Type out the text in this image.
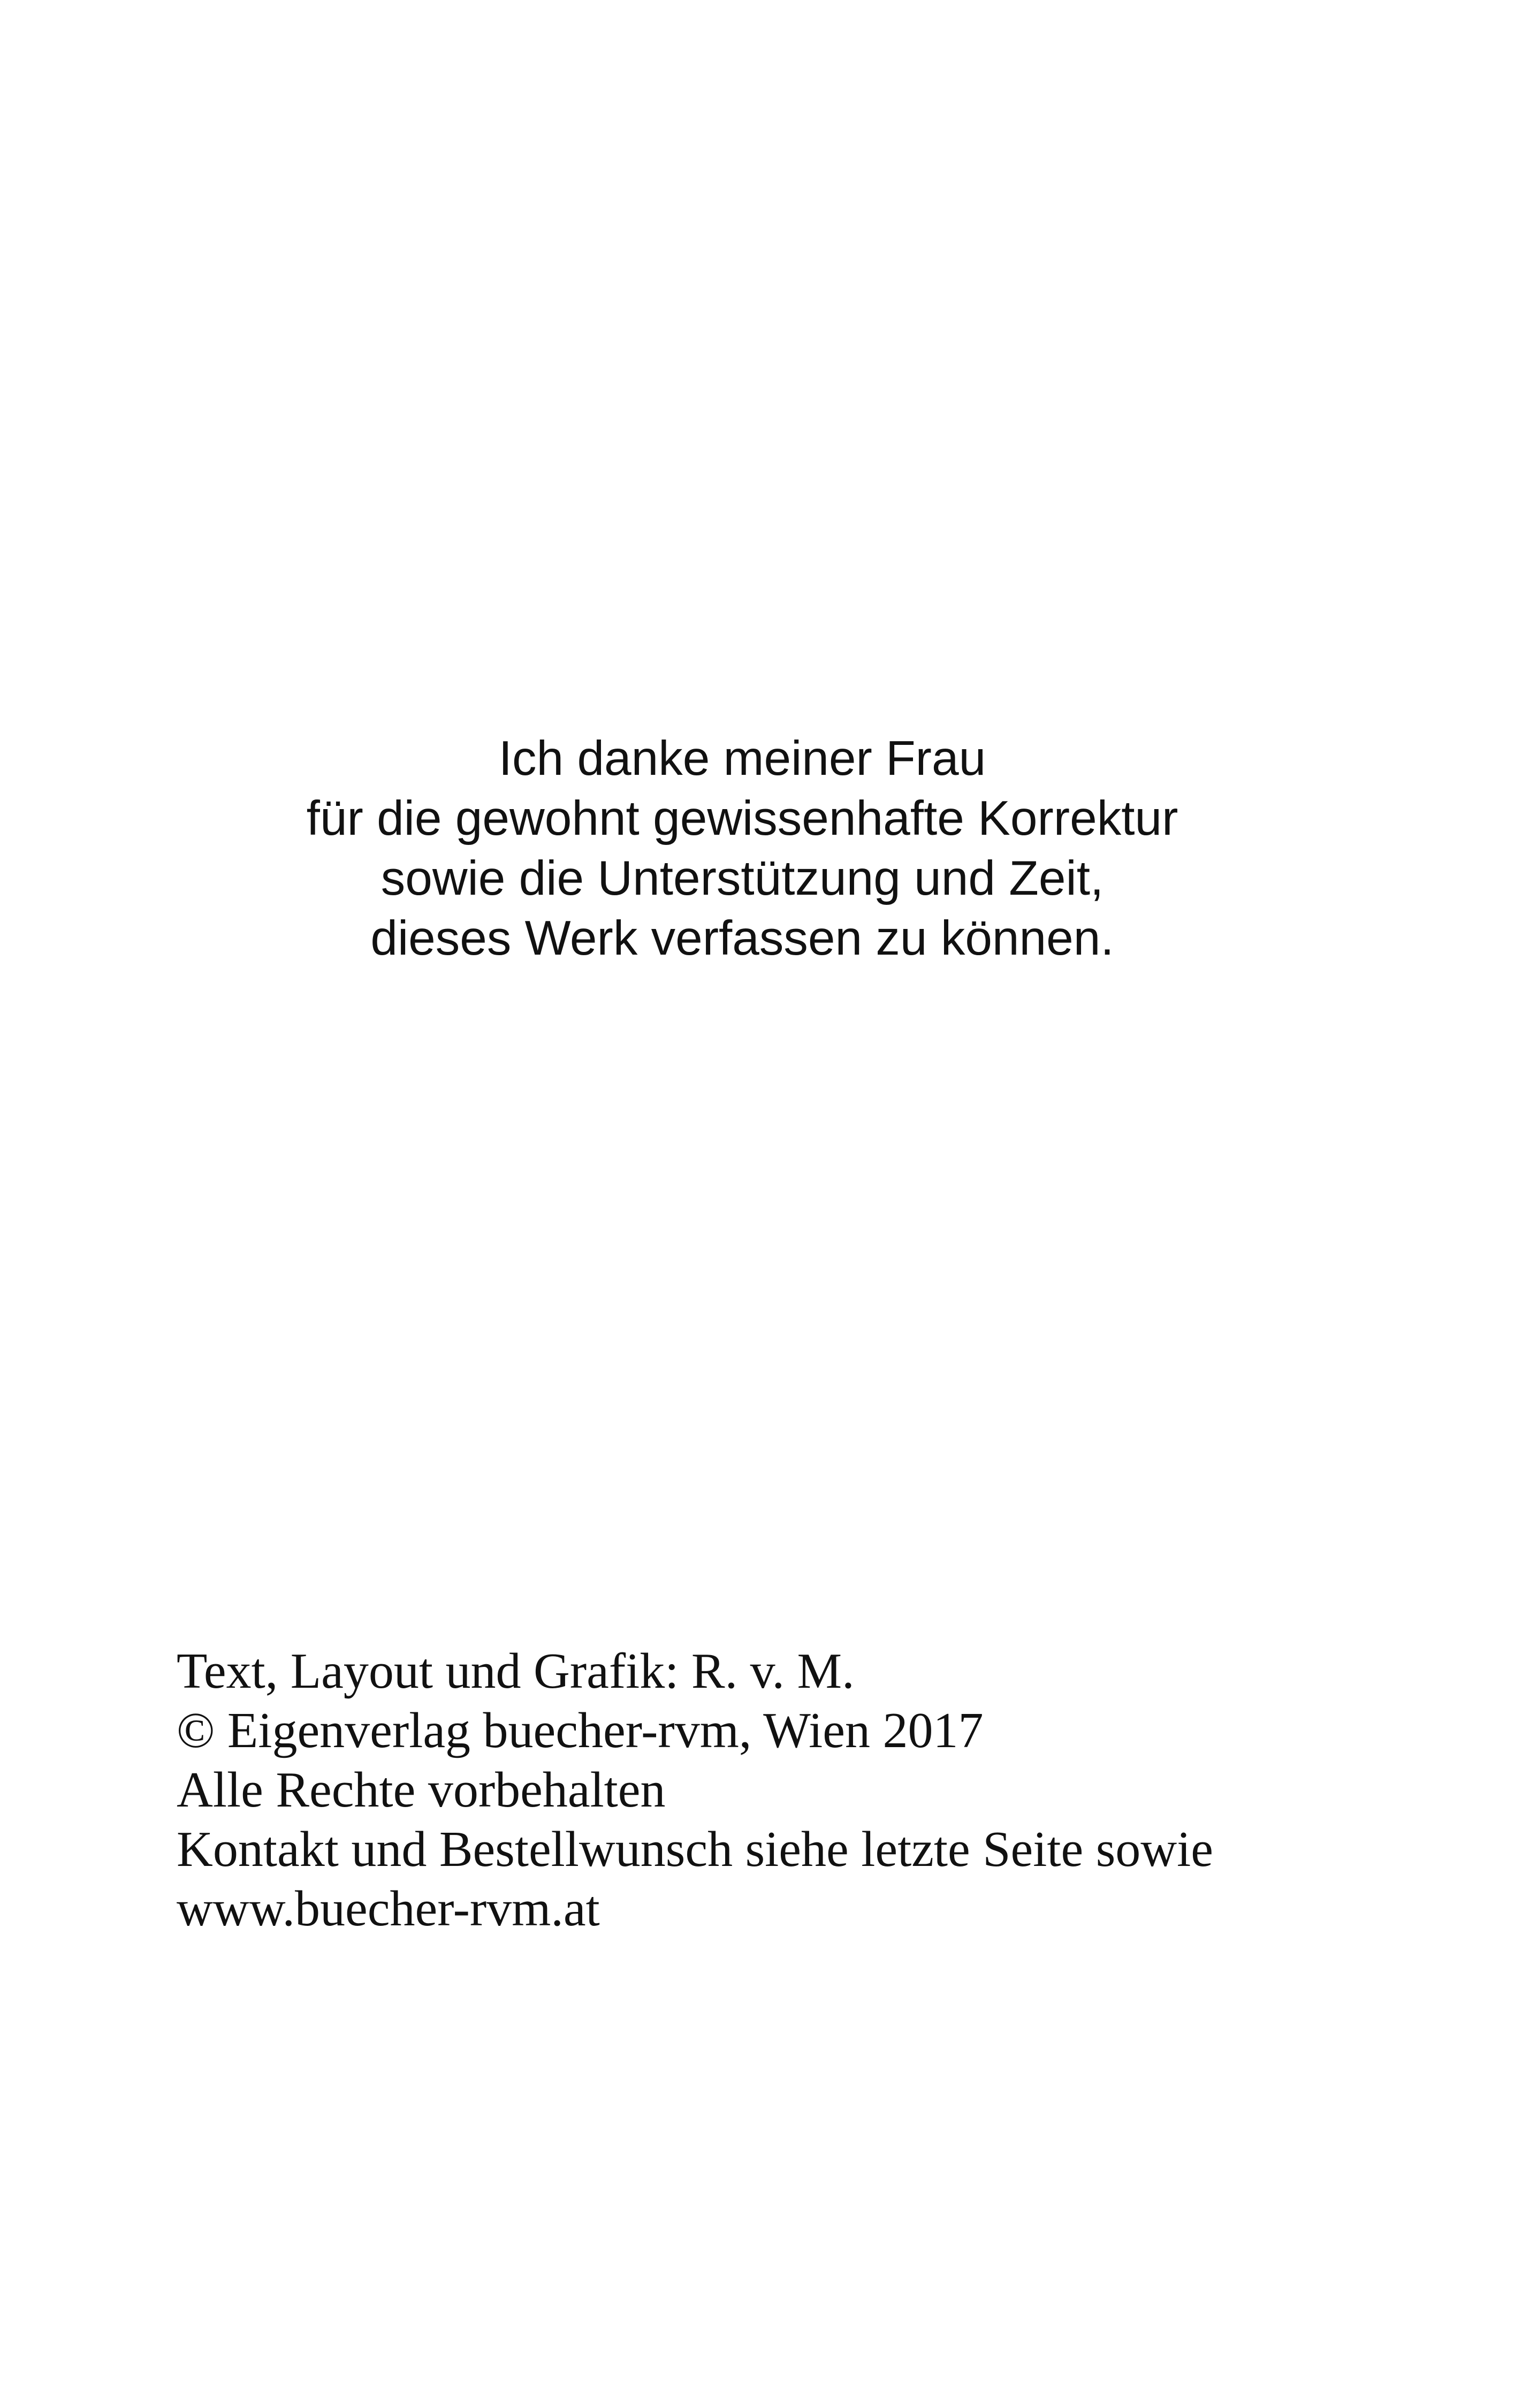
Ich danke meiner Frau
für die gewohnt gewissenhafte Korrektur
sowie die Unterstützung und Zeit,
dieses Werk verfassen zu können.
Text, Layout und Grafik: R. v. M.
© Eigenverlag buecher-rvm, Wien 2017
Alle Rechte vorbehalten
Kontakt und Bestellwunsch siehe letzte Seite sowie
www.buecher-rvm.at
